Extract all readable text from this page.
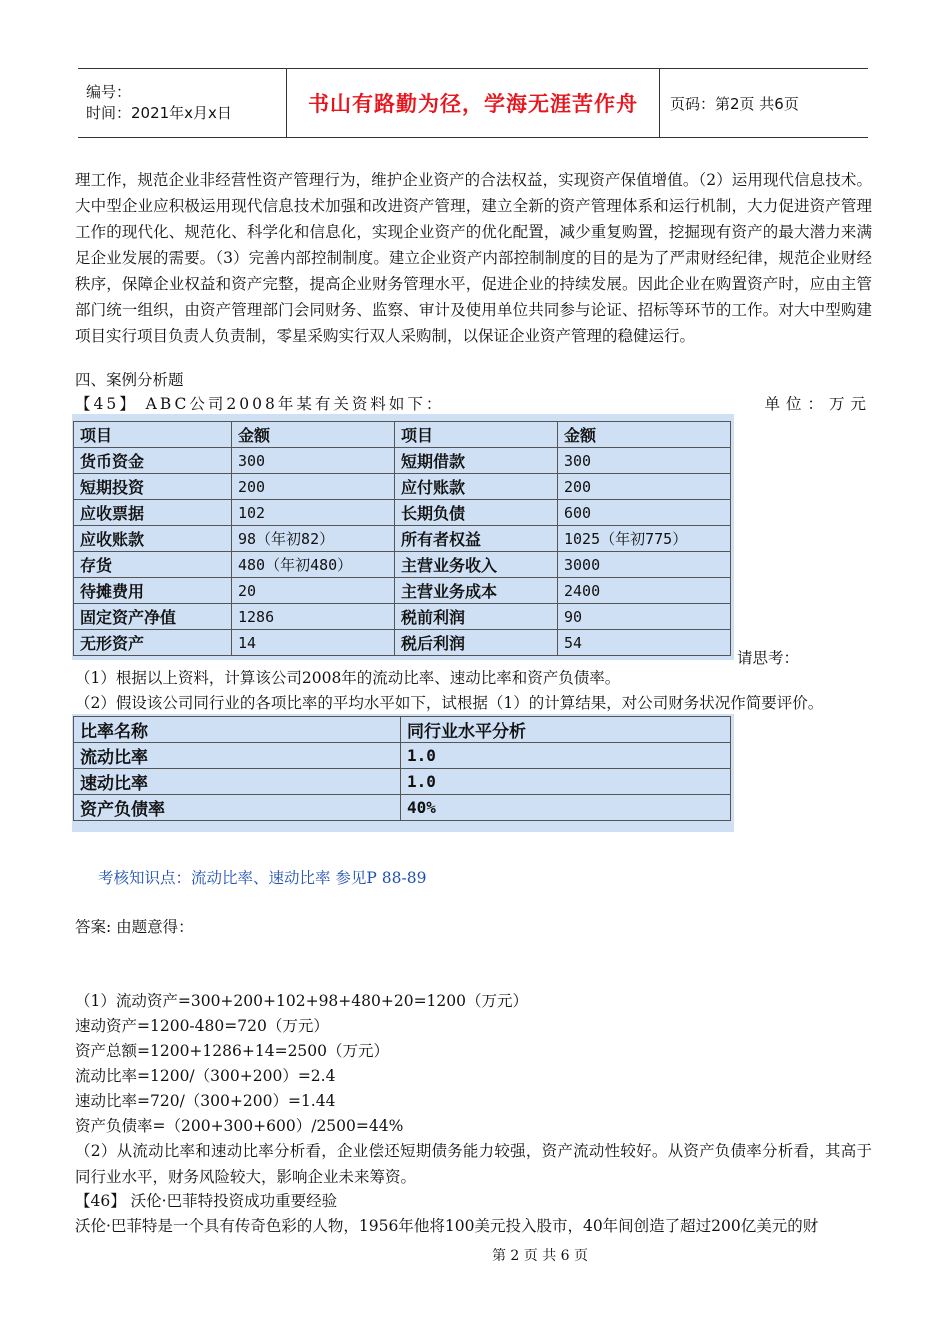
编号：
时间：2021年x月x日	书山有路勤为径，学海无涯苦作舟 页码：第2页 共6页
理工作，规范企业非经营性资产管理行为，维护企业资产的合法权益，实现资产保值增值。（2）运用现代信息技术。大中型企业应积极运用现代信息技术加强和改进资产管理，建立全新的资产管理体系和运行机制，大力促进资产管理工作的现代化、规范化、科学化和信息化，实现企业资产的优化配置，减少重复购置，挖掘现有资产的最大潜力来满足企业发展的需要。（3）完善内部控制制度。建立企业资产内部控制制度的目的是为了严肃财经纪律，规范企业财经秩序，保障企业权益和资产完整，提高企业财务管理水平，促进企业的持续发展。因此企业在购置资产时，应由主管部门统一组织，由资产管理部门会同财务、监察、审计及使用单位共同参与论证、招标等环节的工作。对大中型购建项目实行项目负责人负责制，零星采购实行双人采购制，以保证企业资产管理的稳健运行。
四、案例分析题
【45】 ABC公司2008年某有关资料如下：	单位：万元
项目	金额	项目	金额
货币资金	300	短期借款	300
短期投资	200	应付账款	200
应收票据	102	长期负债	600
应收账款	98（年初82）	所有者权益	1025（年初775）
存货	480（年初480）	主营业务收入	3000
待摊费用	20	主营业务成本	2400
固定资产净值	1286	税前利润	90
无形资产	14	税后利润	54
请思考：
（1）根据以上资料，计算该公司2008年的流动比率、速动比率和资产负债率。
（2）假设该公司同行业的各项比率的平均水平如下，试根据（1）的计算结果，对公司财务状况作简要评价。
比率名称	同行业水平分析
流动比率	1.0
速动比率	1.0
资产负债率	40%
考核知识点：流动比率、速动比率 参见P 88-89
答案: 由题意得：
（1）流动资产=300+200+102+98+480+20=1200（万元）
速动资产=1200-480=720（万元）
资产总额=1200+1286+14=2500（万元）
流动比率=1200/（300+200）=2.4
速动比率=720/（300+200）=1.44
资产负债率=（200+300+600）/2500=44%
（2）从流动比率和速动比率分析看，企业偿还短期债务能力较强，资产流动性较好。从资产负债率分析看，其高于同行业水平，财务风险较大，影响企业未来筹资。
【46】 沃伦·巴菲特投资成功重要经验
沃伦·巴菲特是一个具有传奇色彩的人物，1956年他将100美元投入股市，40年间创造了超过200亿美元的财
第 2 页 共 6 页
